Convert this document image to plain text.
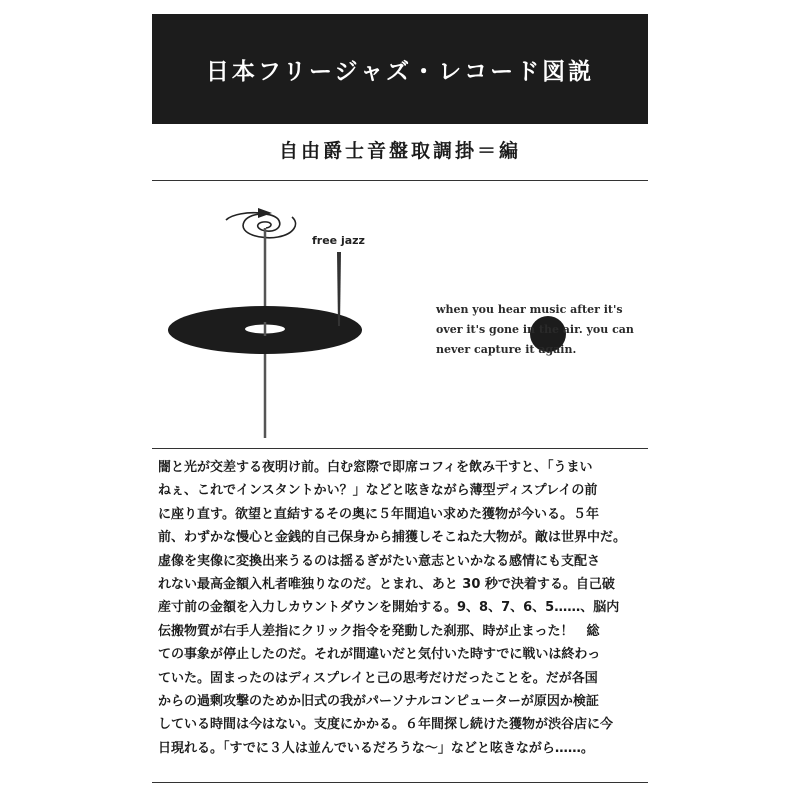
日本フリージャズ・レコード図説
自由爵士音盤取調掛＝編
free jazz
when you hear music after it's
over it's gone in the air. you can
never capture it again.
闇と光が交差する夜明け前。白む窓際で即席コフィを飲み干すと、「うまい
ねぇ、これでインスタントかい？」などと呟きながら薄型ディスプレイの前
に座り直す。欲望と直結するその奥に５年間追い求めた獲物が今いる。５年
前、わずかな慢心と金銭的自己保身から捕獲しそこねた大物が。敵は世界中だ。
虚像を実像に変換出来うるのは揺るぎがたい意志といかなる感情にも支配さ
れない最高金額入札者唯独りなのだ。とまれ、あと 30 秒で決着する。自己破
産寸前の金額を入力しカウントダウンを開始する。9、8、7、6、5……、脳内
伝搬物質が右手人差指にクリック指令を発動した刹那、時が止まった！　総
ての事象が停止したのだ。それが間違いだと気付いた時すでに戦いは終わっ
ていた。固まったのはディスプレイと己の思考だけだったことを。だが各国
からの過剰攻撃のためか旧式の我がパーソナルコンピューターが原因か検証
している時間は今はない。支度にかかる。６年間探し続けた獲物が渋谷店に今
日現れる。「すでに３人は並んでいるだろうな～」などと呟きながら……。
